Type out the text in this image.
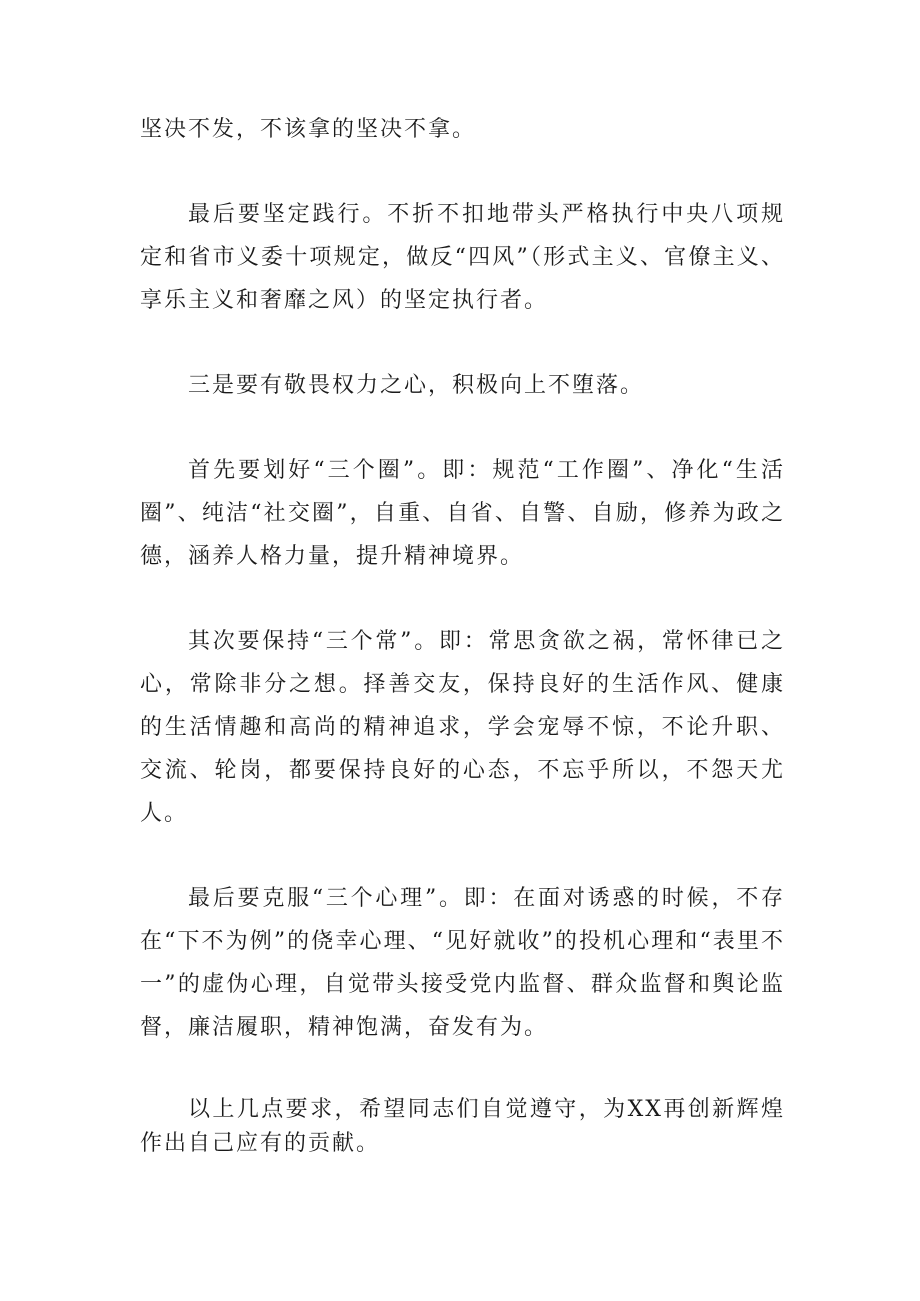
坚决不发，不该拿的坚决不拿。

最后要坚定践行。不折不扣地带头严格执行中央八项规定和省市义委十项规定，做反“四风”（形式主义、官僚主义、享乐主义和奢靡之风）的坚定执行者。

三是要有敬畏权力之心，积极向上不堕落。

首先要划好“三个圈”。即：规范“工作圈”、净化“生活圈”、纯洁“社交圈”，自重、自省、自警、自励，修养为政之德，涵养人格力量，提升精神境界。

其次要保持“三个常”。即：常思贪欲之祸，常怀律已之心，常除非分之想。择善交友，保持良好的生活作风、健康的生活情趣和高尚的精神追求，学会宠辱不惊，不论升职、交流、轮岗，都要保持良好的心态，不忘乎所以，不怨天尤人。

最后要克服“三个心理”。即：在面对诱惑的时候，不存在“下不为例”的侥幸心理、“见好就收”的投机心理和“表里不一”的虚伪心理，自觉带头接受党内监督、群众监督和舆论监督，廉洁履职，精神饱满，奋发有为。

以上几点要求，希望同志们自觉遵守，为XX再创新辉煌作出自己应有的贡献。
